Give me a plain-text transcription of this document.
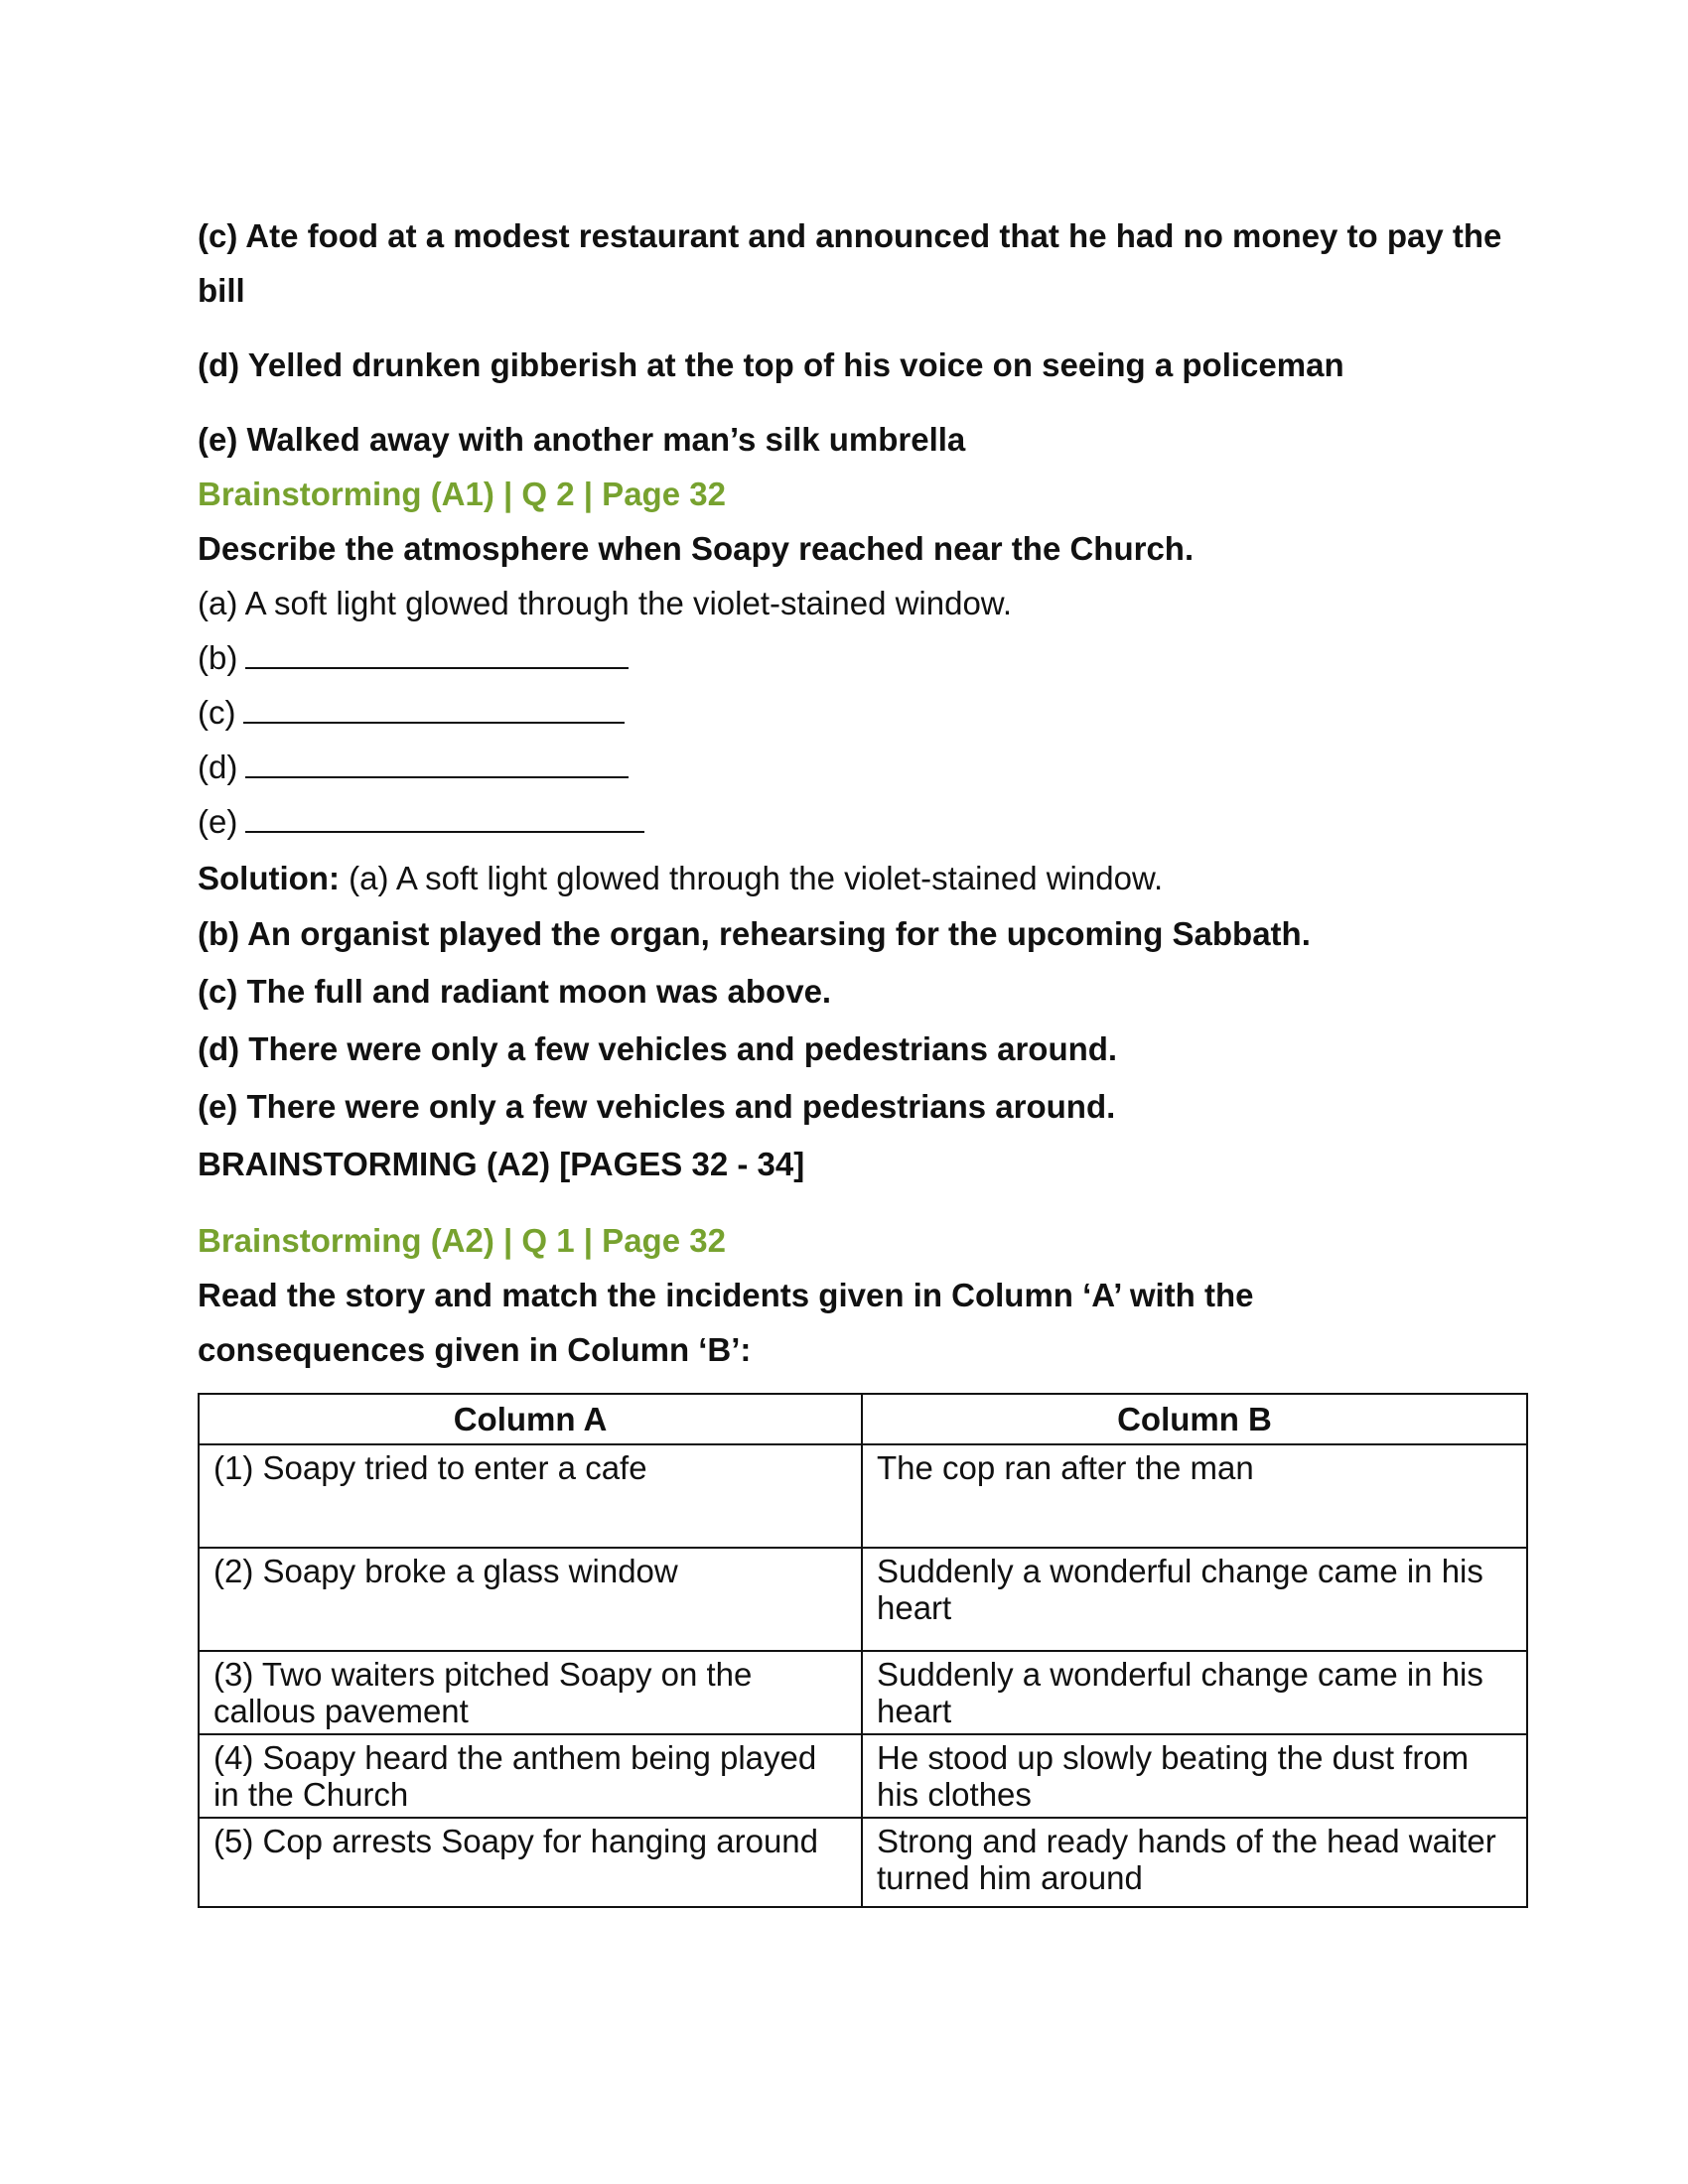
(c) Ate food at a modest restaurant and announced that he had no money to pay the bill

(d) Yelled drunken gibberish at the top of his voice on seeing a policeman

(e) Walked away with another man’s silk umbrella

Brainstorming (A1) | Q 2 | Page 32

Describe the atmosphere when Soapy reached near the Church.

(a) A soft light glowed through the violet-stained window.

(b)

(c)

(d)

(e)

Solution: (a) A soft light glowed through the violet-stained window.

(b) An organist played the organ, rehearsing for the upcoming Sabbath.

(c) The full and radiant moon was above.

(d) There were only a few vehicles and pedestrians around.

(e) There were only a few vehicles and pedestrians around.

BRAINSTORMING (A2) [PAGES 32 - 34]

Brainstorming (A2) | Q 1 | Page 32

Read the story and match the incidents given in Column ‘A’ with the consequences given in Column ‘B’:

Column A	Column B
(1) Soapy tried to enter a cafe	The cop ran after the man
(2) Soapy broke a glass window	Suddenly a wonderful change came in his heart
(3) Two waiters pitched Soapy on the callous pavement	Suddenly a wonderful change came in his heart
(4) Soapy heard the anthem being played in the Church	He stood up slowly beating the dust from his clothes
(5) Cop arrests Soapy for hanging around	Strong and ready hands of the head waiter turned him around
